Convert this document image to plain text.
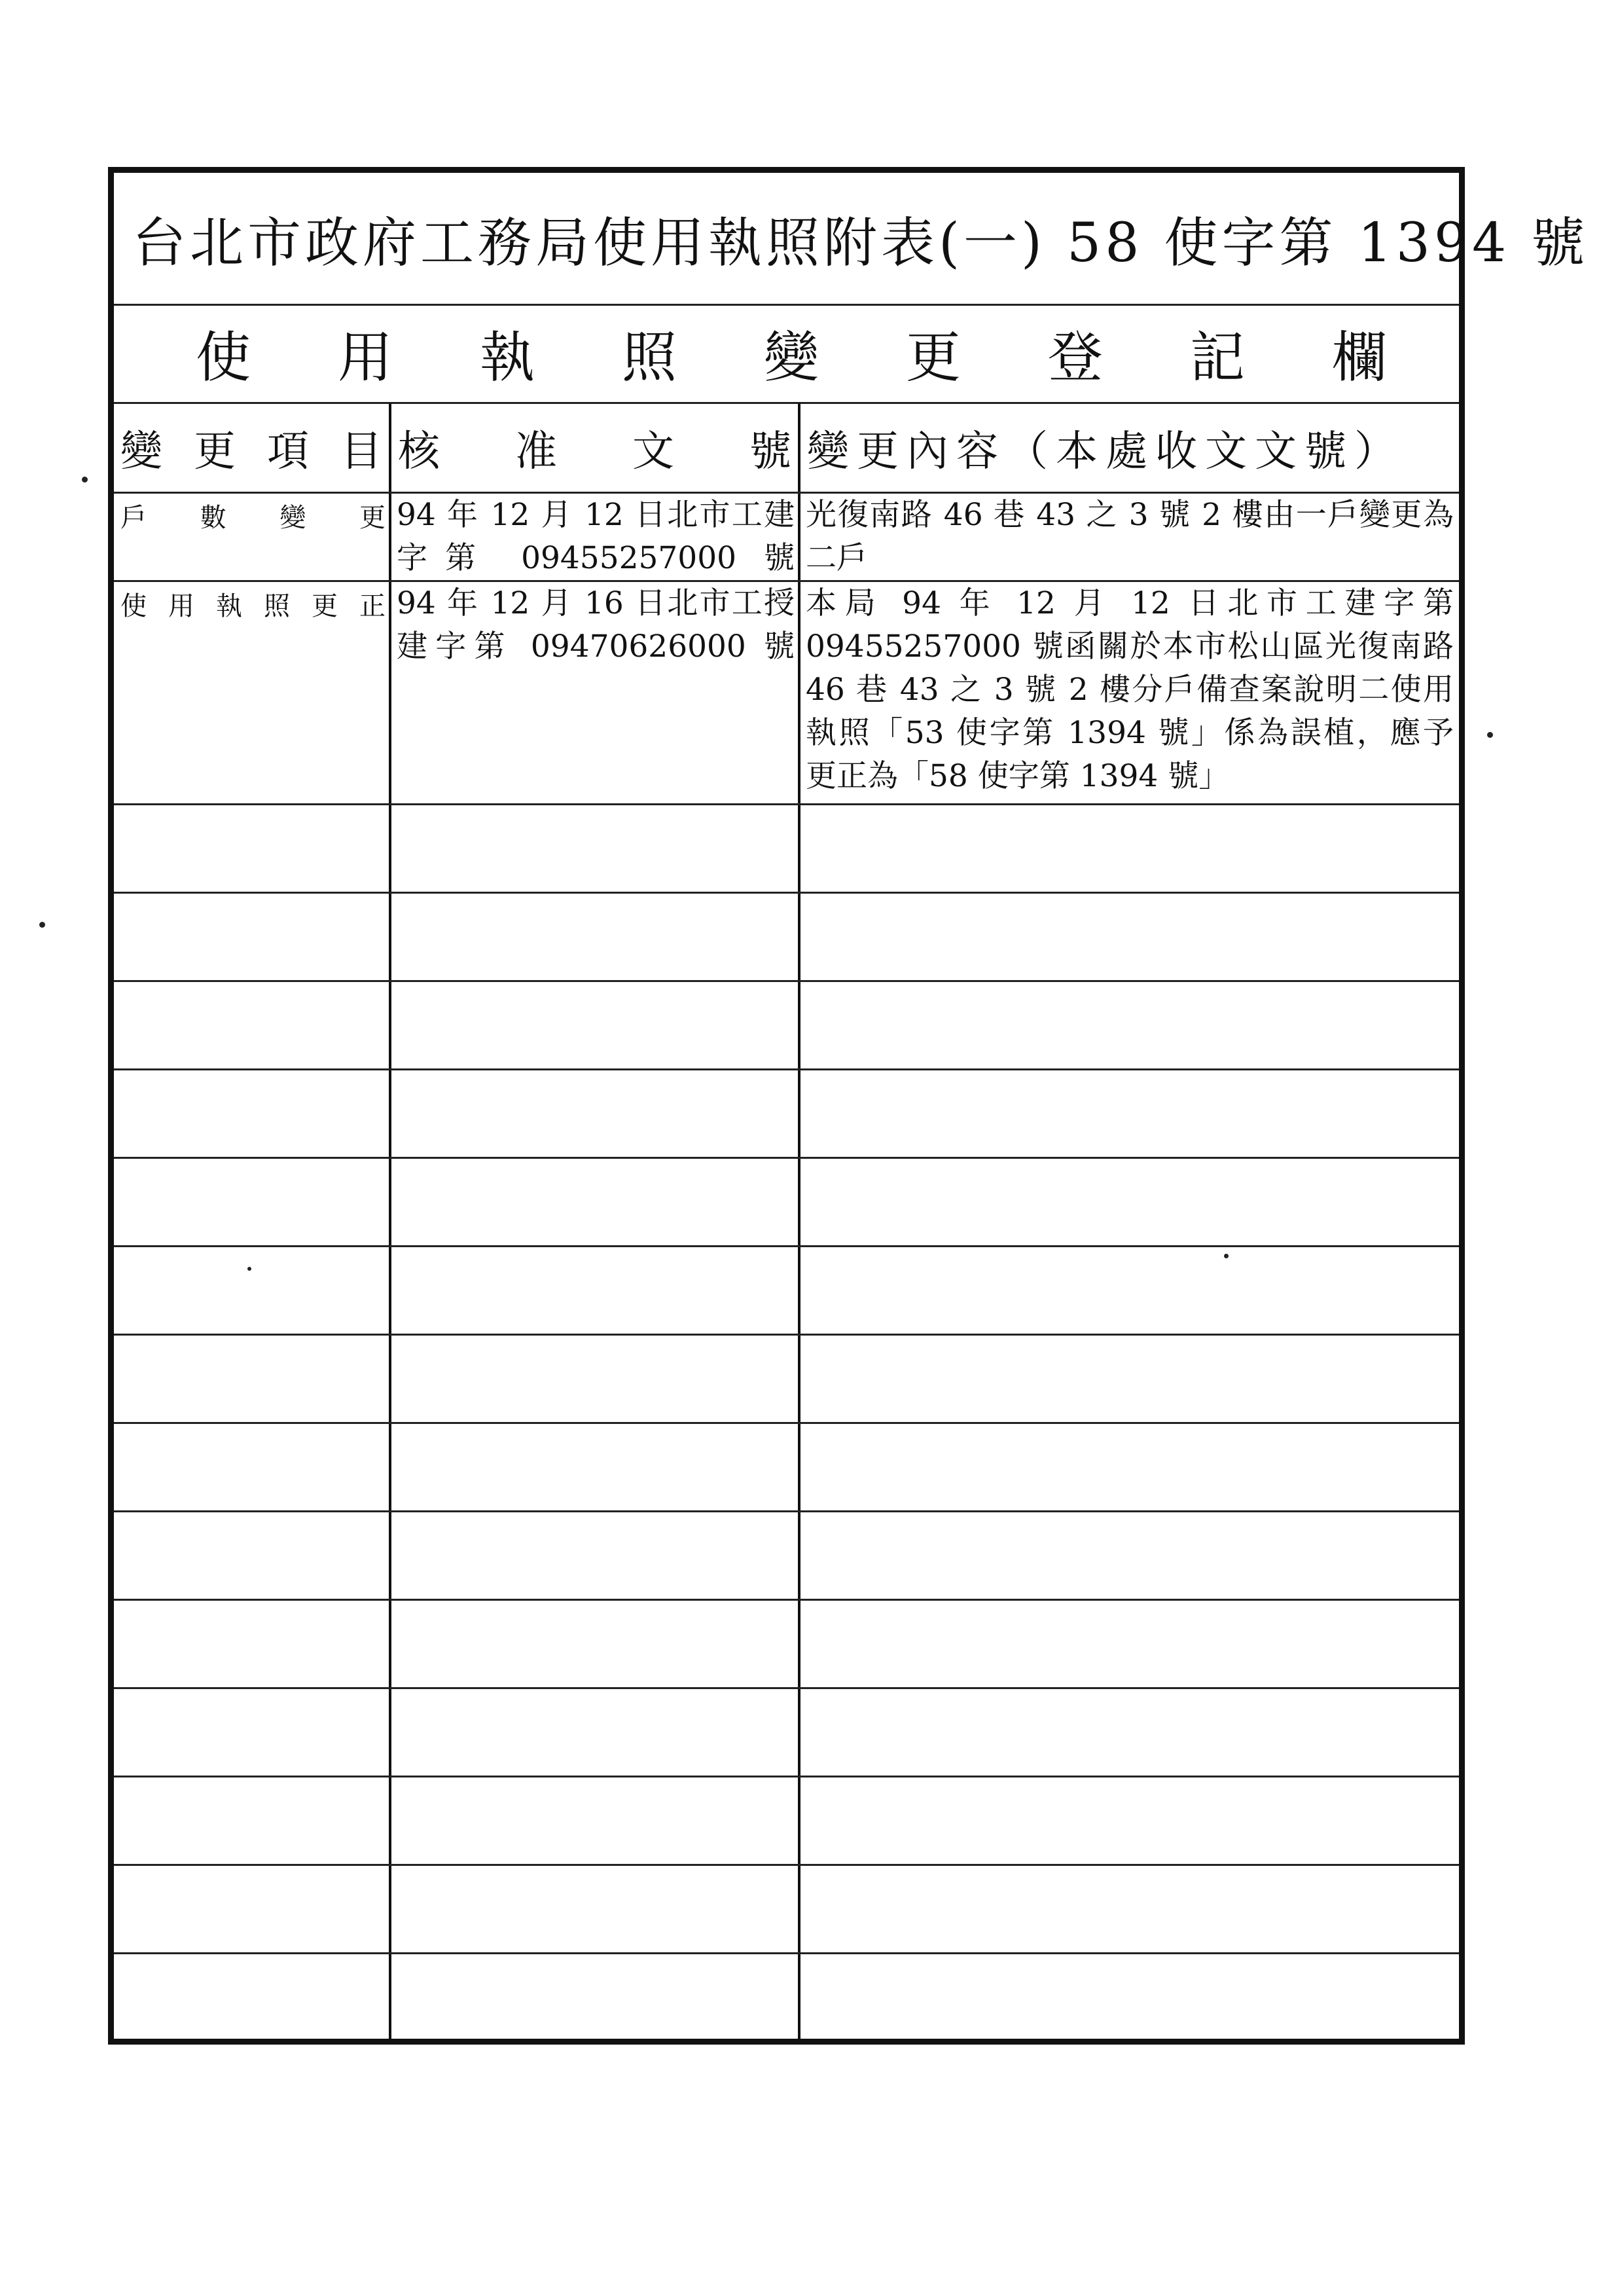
台北市政府工務局使用執照附表(一) 58 使字第 1394 號
使 用 執 照 變 更 登 記 欄
變 更 項 目 核 准 文 號 變更內容（本處收文文號）
戶 數 變 更 94 年 12 月 12 日北市工建

字第 09455257000 號

光復南路 46 巷 43 之 3 號 2 樓由一戶變更為

二戶

使 用 執 照 更 正 94 年 12 月 16 日北市工授

建字第 09470626000 號

本局 94 年 12 月 12 日北市工建字第

09455257000 號函關於本市松山區光復南路

46 巷 43 之 3 號 2 樓分戶備查案說明二使用

執照「53 使字第 1394 號」係為誤植，應予

更正為「58 使字第 1394 號」
